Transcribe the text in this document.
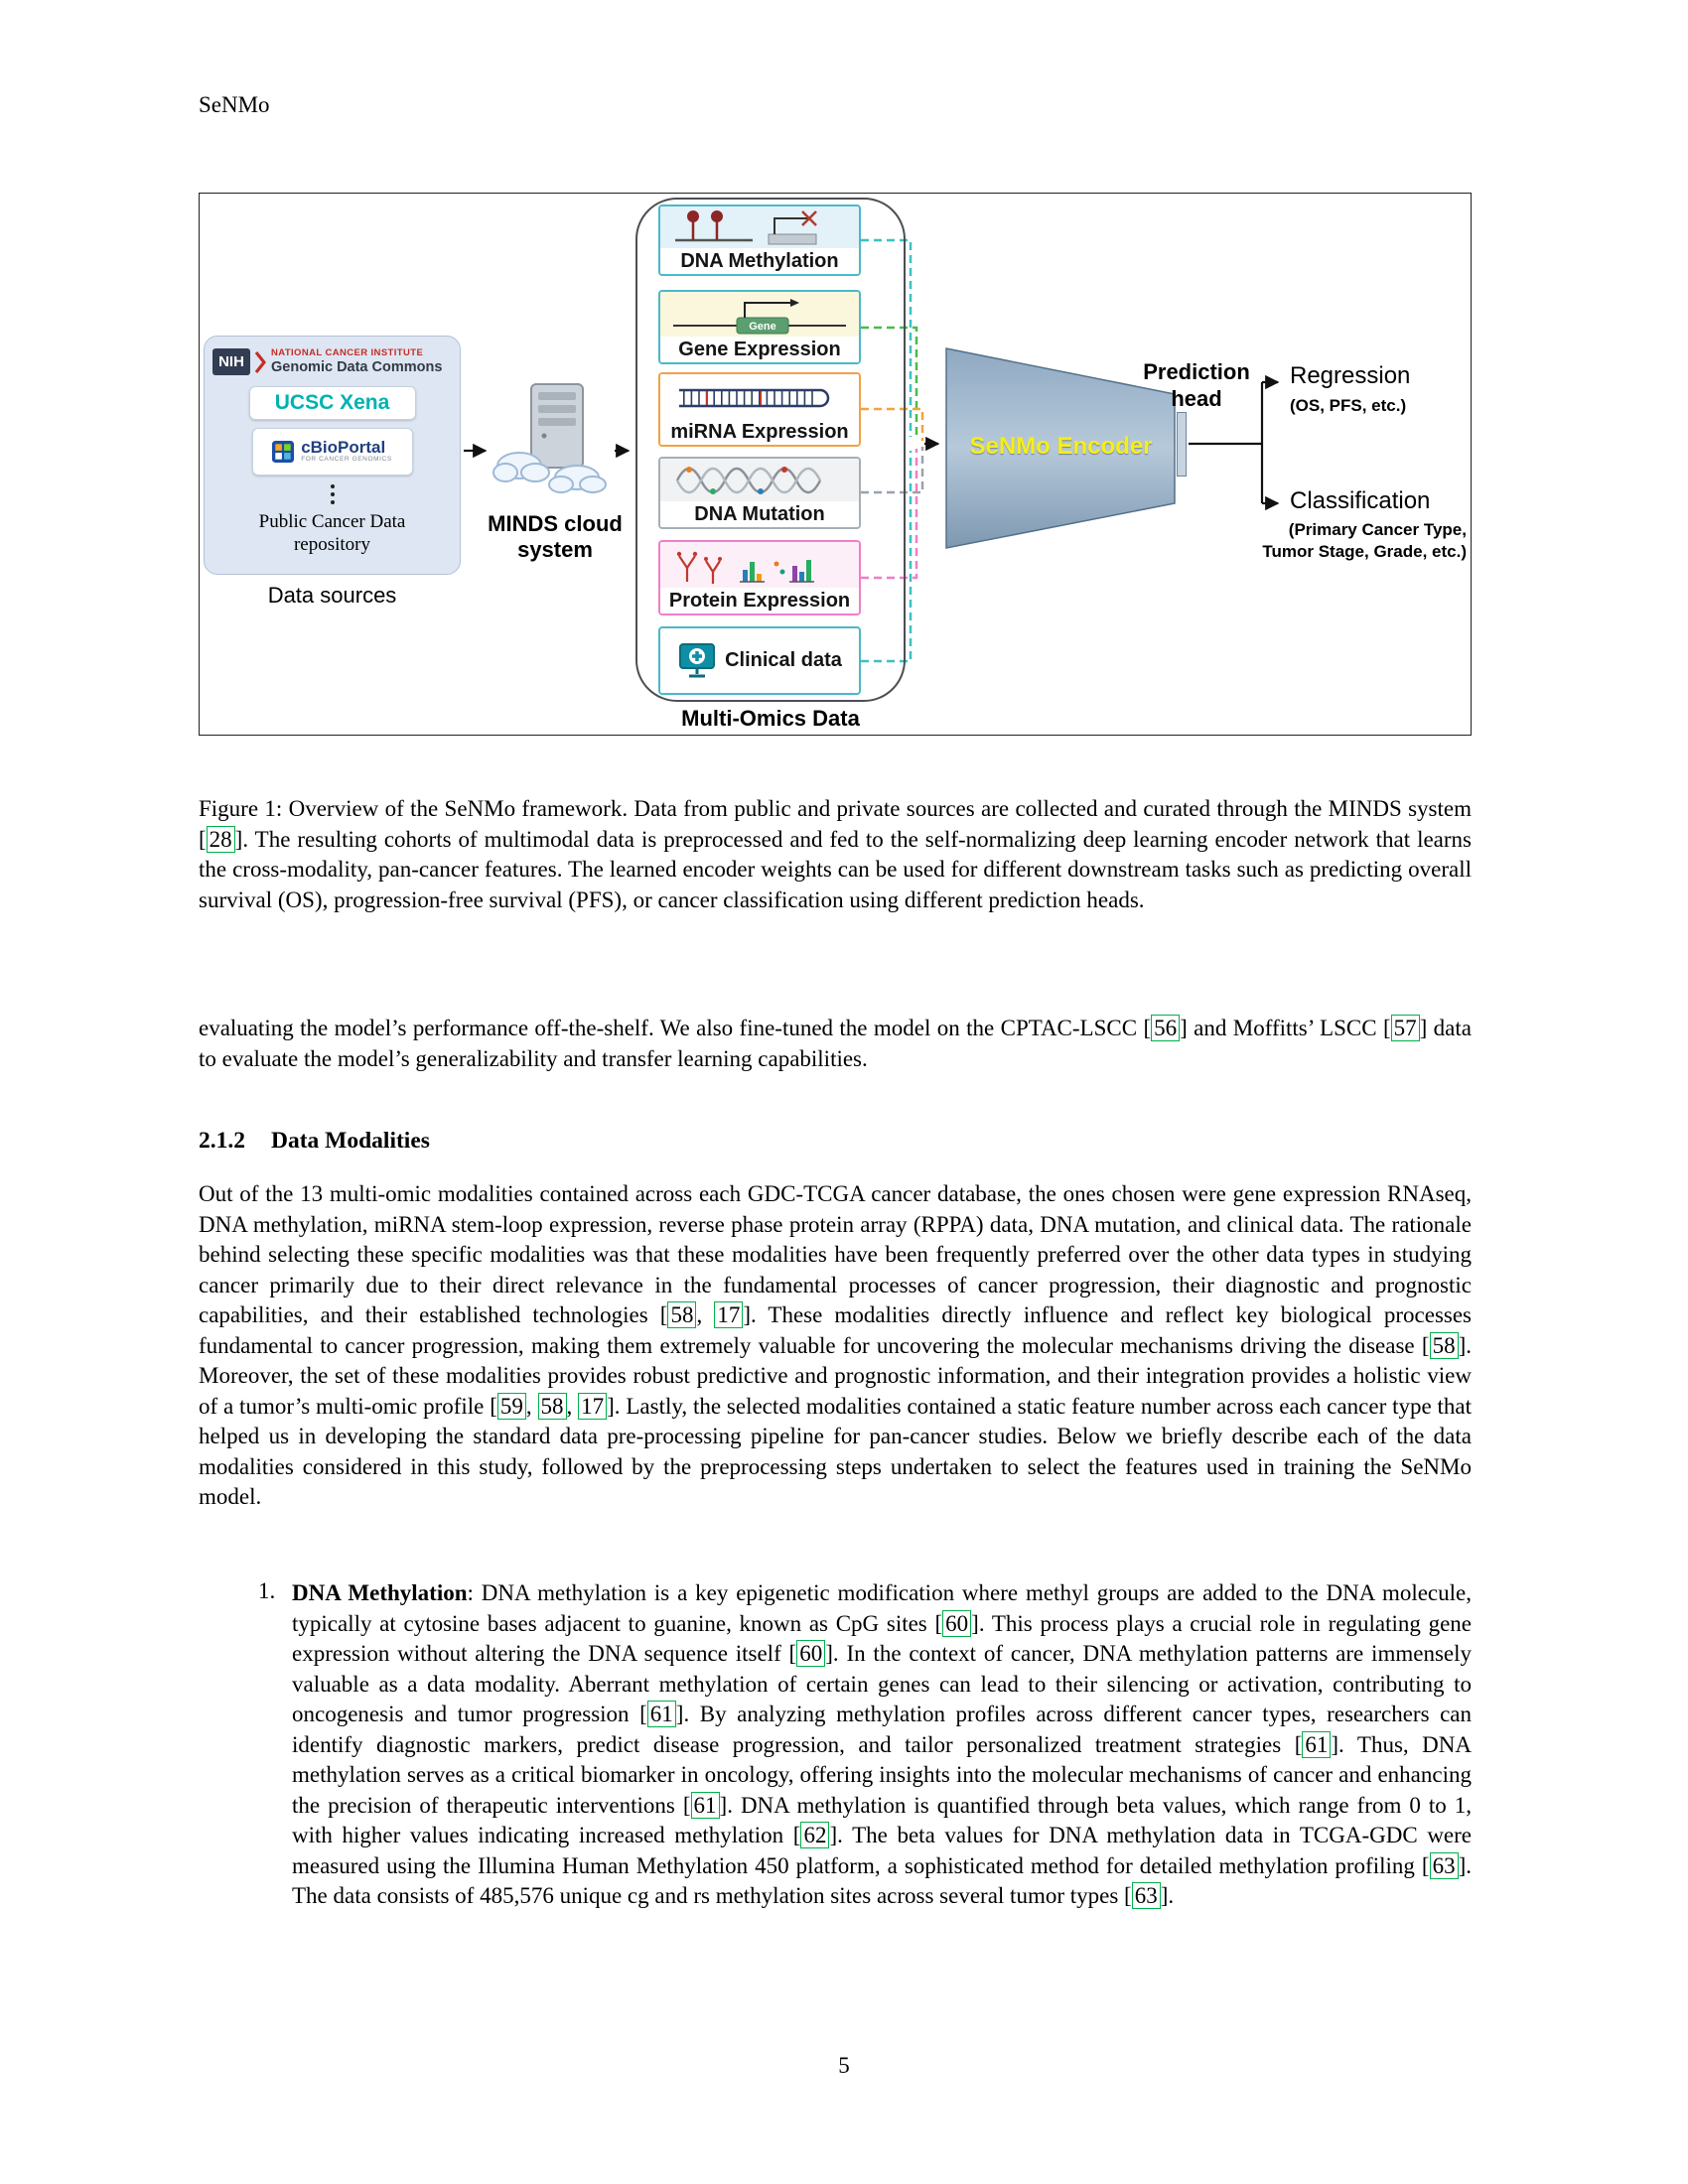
SeNMo
NIH
NATIONAL CANCER INSTITUTE
Genomic Data Commons
UCSC Xena
cBioPortal
FOR CANCER GENOMICS
Public Cancer Data
repository
Data sources
MINDS cloud
system
DNA Methylation
Gene
Gene Expression
miRNA Expression
DNA Mutation
Protein Expression
Clinical data
Multi-Omics Data
SeNMo Encoder
Prediction
head
Regression
(OS, PFS, etc.)
Classification
(Primary Cancer Type,
Tumor Stage, Grade, etc.)

Figure 1: Overview of the SeNMo framework. Data from public and private sources are collected and curated through the MINDS system [ 28 ]. The resulting cohorts of multimodal data is preprocessed and fed to the self-normalizing deep learning encoder network that learns the cross-modality, pan-cancer features. The learned encoder weights can be used for different downstream tasks such as predicting overall survival (OS), progression-free survival (PFS), or cancer classification using different prediction heads.

evaluating the model’s performance off-the-shelf. We also fine-tuned the model on the CPTAC-LSCC [ 56 ] and Moffitts’ LSCC [ 57 ] data to evaluate the model’s generalizability and transfer learning capabilities.

2.1.2 Data Modalities

Out of the 13 multi-omic modalities contained across each GDC-TCGA cancer database, the ones chosen were gene expression RNAseq, DNA methylation, miRNA stem-loop expression, reverse phase protein array (RPPA) data, DNA mutation, and clinical data. The rationale behind selecting these specific modalities was that these modalities have been frequently preferred over the other data types in studying cancer primarily due to their direct relevance in the fundamental processes of cancer progression, their diagnostic and prognostic capabilities, and their established technologies [ 58 , 17 ]. These modalities directly influence and reflect key biological processes fundamental to cancer progression, making them extremely valuable for uncovering the molecular mechanisms driving the disease [ 58 ]. Moreover, the set of these modalities provides robust predictive and prognostic information, and their integration provides a holistic view of a tumor’s multi-omic profile [ 59 , 58 , 17 ]. Lastly, the selected modalities contained a static feature number across each cancer type that helped us in developing the standard data pre-processing pipeline for pan-cancer studies. Below we briefly describe each of the data modalities considered in this study, followed by the preprocessing steps undertaken to select the features used in training the SeNMo model.

1. DNA Methylation: DNA methylation is a key epigenetic modification where methyl groups are added to the DNA molecule, typically at cytosine bases adjacent to guanine, known as CpG sites [ 60 ]. This process plays a crucial role in regulating gene expression without altering the DNA sequence itself [ 60 ]. In the context of cancer, DNA methylation patterns are immensely valuable as a data modality. Aberrant methylation of certain genes can lead to their silencing or activation, contributing to oncogenesis and tumor progression [ 61 ]. By analyzing methylation profiles across different cancer types, researchers can identify diagnostic markers, predict disease progression, and tailor personalized treatment strategies [ 61 ]. Thus, DNA methylation serves as a critical biomarker in oncology, offering insights into the molecular mechanisms of cancer and enhancing the precision of therapeutic interventions [ 61 ]. DNA methylation is quantified through beta values, which range from 0 to 1, with higher values indicating increased methylation [ 62 ]. The beta values for DNA methylation data in TCGA-GDC were measured using the Illumina Human Methylation 450 platform, a sophisticated method for detailed methylation profiling [ 63 ]. The data consists of 485,576 unique cg and rs methylation sites across several tumor types [ 63 ].

5
